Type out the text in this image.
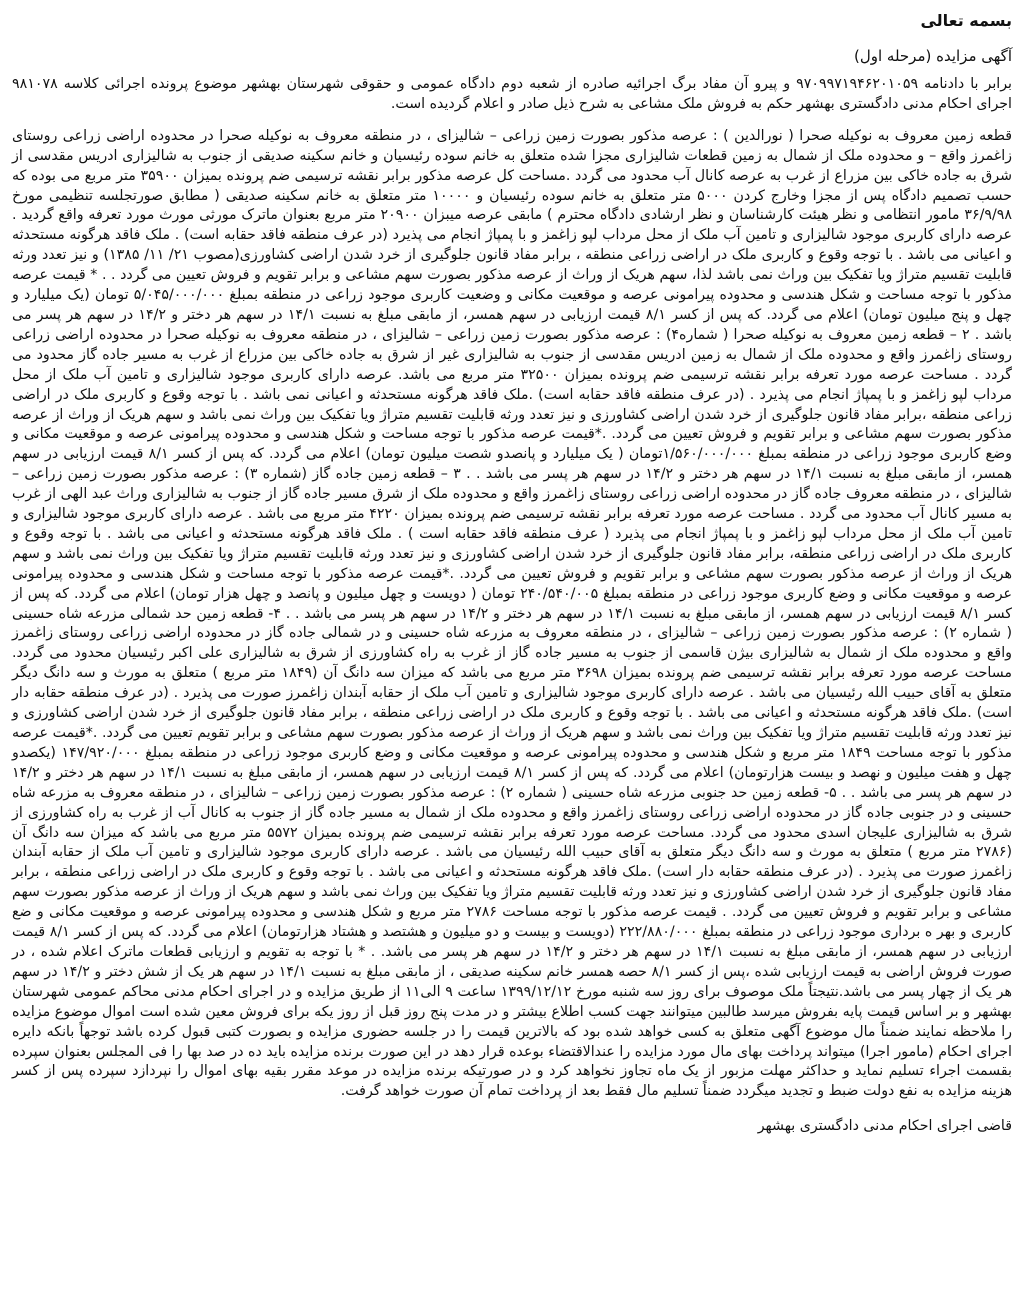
بسمه تعالی

آگهی مزایده (مرحله اول)

برابر با دادنامه ۹۷۰۹۹۷۱۹۴۶۲۰۱۰۵۹ و پیرو آن مفاد برگ اجرائیه صادره از شعبه دوم دادگاه عمومی و حقوقی شهرستان بهشهر موضوع پرونده اجرائی کلاسه ۹۸۱۰۷۸ اجرای احکام مدنی دادگستری بهشهر حکم به فروش ملک مشاعی به شرح ذیل صادر و اعلام گردیده است.

قطعه زمین معروف به نوکیله صحرا ( نورالدین ) : عرصه مذکور بصورت زمین زراعی – شالیزای ، در منطقه معروف به نوکیله صحرا در محدوده اراضی زراعی روستای زاغمرز واقع – و محدوده ملک از شمال به زمین قطعات شالیزاری مجزا شده متعلق به خانم سوده رئیسیان و خانم سکینه صدیقی از جنوب به شالیزاری ادریس مقدسی از شرق به جاده خاکی بین مزراع از غرب به عرصه کانال آب محدود می گردد .مساحت کل عرصه مذکور برابر نقشه ترسیمی ضم پرونده بمیزان ۳۵۹۰۰ متر مربع می بوده که حسب تصمیم دادگاه پس از مجزا وخارج کردن ۵۰۰۰ متر متعلق به خانم سوده رئیسیان و ۱۰۰۰۰ متر متعلق به خانم سکینه صدیقی ( مطابق صورتجلسه تنظیمی مورخ ۳۶/۹/۹۸ مامور انتظامی و نظر هیئت کارشناسان و نظر ارشادی دادگاه محترم ) مابقی عرصه میبزان ۲۰۹۰۰ متر مربع بعنوان ماترک مورثی مورث مورد تعرفه واقع گردید . عرصه دارای کاربری موجود شالیزاری و تامین آب ملک از محل مرداب لپو زاغمز و با پمپاژ انجام می پذیرد (در عرف منطقه فاقد حقابه است) . ملک فاقد هرگونه مستحدثه و اعیانی می باشد . با توجه وقوع و کاربری ملک در اراضی زراعی منطقه ، برابر مفاد قانون جلوگیری از خرد شدن اراضی کشاورزی(مصوب ۲۱/ ۱۱/ ۱۳۸۵) و نیز تعدد ورثه قابلیت تقسیم متراژ ویا تفکیک بین وراث نمی باشد لذا، سهم هریک از وراث از عرصه مذکور بصورت سهم مشاعی و برابر تقویم و فروش تعیین می گردد . . * قیمت عرصه مذکور با توجه مساحت و شکل هندسی و محدوده پیرامونی عرصه و موقعیت مکانی و وضعیت کاربری موجود زراعی در منطقه بمبلغ ۵/۰۴۵/۰۰۰/۰۰۰ تومان (یک میلیارد و چهل و پنج میلیون تومان) اعلام می گردد. که پس از کسر ۸/۱ قیمت ارزیابی در سهم همسر، از مابقی مبلغ به نسبت ۱۴/۱ در سهم هر دختر و ۱۴/۲ در سهم هر پسر می باشد . ۲ – قطعه زمین معروف به نوکیله صحرا ( شماره۴) : عرصه مذکور بصورت زمین زراعی – شالیزای ، در منطقه معروف به نوکیله صحرا در محدوده اراضی زراعی روستای زاغمرز واقع و محدوده ملک از شمال به زمین ادریس مقدسی از جنوب به شالیزاری غیر از شرق به جاده خاکی بین مزراع از غرب به مسیر جاده گاز محدود می گردد . مساحت عرصه مورد تعرفه برابر نقشه ترسیمی ضم پرونده بمیزان ۳۲۵۰۰ متر مربع می باشد. عرصه دارای کاربری موجود شالیزاری و تامین آب ملک از محل مرداب لپو زاغمز و با پمپاژ انجام می پذیرد . (در عرف منطقه فاقد حقابه است) .ملک فاقد هرگونه مستحدثه و اعیانی نمی باشد . با توجه وقوع و کاربری ملک در اراضی زراعی منطقه ،برابر مفاد قانون جلوگیری از خرد شدن اراضی کشاورزی و نیز تعدد ورثه قابلیت تقسیم متراژ ویا تفکیک بین وراث نمی باشد و سهم هریک از وراث از عرصه مذکور بصورت سهم مشاعی و برابر تقویم و فروش تعیین می گردد. .*قیمت عرصه مذکور با توجه مساحت و شکل هندسی و محدوده پیرامونی عرصه و موقعیت مکانی و وضع کاربری موجود زراعی در منطقه بمبلغ ۱/۵۶۰/۰۰۰/۰۰۰تومان ( یک میلیارد و پانصدو شصت میلیون تومان) اعلام می گردد. که پس از کسر ۸/۱ قیمت ارزیابی در سهم همسر، از مابقی مبلغ به نسبت ۱۴/۱ در سهم هر دختر و ۱۴/۲ در سهم هر پسر می باشد . . ۳ – قطعه زمین جاده گاز (شماره ۳) : عرصه مذکور بصورت زمین زراعی – شالیزای ، در منطقه معروف جاده گاز در محدوده اراضی زراعی روستای زاغمرز واقع و محدوده ملک از شرق مسیر جاده گاز از جنوب به شالیزاری وراث عبد الهی از غرب به مسیر کانال آب محدود می گردد . مساحت عرصه مورد تعرفه برابر نقشه ترسیمی ضم پرونده بمیزان ۴۲۲۰ متر مربع می باشد . عرصه دارای کاربری موجود شالیزاری و تامین آب ملک از محل مرداب لپو زاغمز و با پمپاژ انجام می پذیرد ( عرف منطقه فاقد حقابه است ) . ملک فاقد هرگونه مستحدثه و اعیانی می باشد . با توجه وقوع و کاربری ملک در اراضی زراعی منطقه، برابر مفاد قانون جلوگیری از خرد شدن اراضی کشاورزی و نیز تعدد ورثه قابلیت تقسیم متراژ ویا تفکیک بین وراث نمی باشد و سهم هریک از وراث از عرصه مذکور بصورت سهم مشاعی و برابر تقویم و فروش تعیین می گردد. .*قیمت عرصه مذکور با توجه مساحت و شکل هندسی و محدوده پیرامونی عرصه و موقعیت مکانی و وضع کاربری موجود زراعی در منطقه بمبلغ ۲۴۰/۵۴۰/۰۰۵ تومان ( دویست و چهل میلیون و پانصد و چهل هزار تومان) اعلام می گردد. که پس از کسر ۸/۱ قیمت ارزیابی در سهم همسر، از مابقی مبلغ به نسبت ۱۴/۱ در سهم هر دختر و ۱۴/۲ در سهم هر پسر می باشد . . ۴- قطعه زمین حد شمالی مزرعه شاه حسینی ( شماره ۲) : عرصه مذکور بصورت زمین زراعی – شالیزای ، در منطقه معروف به مزرعه شاه حسینی و در شمالی جاده گاز در محدوده اراضی زراعی روستای زاغمرز واقع و محدوده ملک از شمال به شالیزاری بیژن قاسمی از جنوب به مسیر جاده گاز از غرب به راه کشاورزی از شرق به شالیزاری علی اکبر رئیسیان محدود می گردد. مساحت عرصه مورد تعرفه برابر نقشه ترسیمی ضم پرونده بمیزان ۳۶۹۸ متر مربع می باشد که میزان سه دانگ آن (۱۸۴۹ متر مربع ) متعلق به مورث و سه دانگ دیگر متعلق به آقای حبیب الله رئیسیان می باشد . عرصه دارای کاربری موجود شالیزاری و تامین آب ملک از حقابه آبندان زاغمرز صورت می پذیرد . (در عرف منطقه حقابه دار است) .ملک فاقد هرگونه مستحدثه و اعیانی می باشد . با توجه وقوع و کاربری ملک در اراضی زراعی منطقه ، برابر مفاد قانون جلوگیری از خرد شدن اراضی کشاورزی و نیز تعدد ورثه قابلیت تقسیم متراژ ویا تفکیک بین وراث نمی باشد و سهم هریک از وراث از عرصه مذکور بصورت سهم مشاعی و برابر تقویم تعیین می گردد. .*قیمت عرصه مذکور با توجه مساحت ۱۸۴۹ متر مربع و شکل هندسی و محدوده پیرامونی عرصه و موقعیت مکانی و وضع کاربری موجود زراعی در منطقه بمبلغ ۱۴۷/۹۲۰/۰۰۰ (یکصدو چهل و هفت میلیون و نهصد و بیست هزارتومان) اعلام می گردد. که پس از کسر ۸/۱ قیمت ارزیابی در سهم همسر، از مابقی مبلغ به نسبت ۱۴/۱ در سهم هر دختر و ۱۴/۲ در سهم هر پسر می باشد . . ۵- قطعه زمین حد جنوبی مزرعه شاه حسینی ( شماره ۲) : عرصه مذکور بصورت زمین زراعی – شالیزای ، در منطقه معروف به مزرعه شاه حسینی و در جنوبی جاده گاز در محدوده اراضی زراعی روستای زاغمرز واقع و محدوده ملک از شمال به مسیر جاده گاز از جنوب به کانال آب از غرب به راه کشاورزی از شرق به شالیزاری علیجان اسدی محدود می گردد. مساحت عرصه مورد تعرفه برابر نقشه ترسیمی ضم پرونده بمیزان ۵۵۷۲ متر مربع می باشد که میزان سه دانگ آن (۲۷۸۶ متر مربع ) متعلق به مورث و سه دانگ دیگر متعلق به آقای حبیب الله رئیسیان می باشد . عرصه دارای کاربری موجود شالیزاری و تامین آب ملک از حقابه آبندان زاغمرز صورت می پذیرد . (در عرف منطقه حقابه دار است) .ملک فاقد هرگونه مستحدثه و اعیانی می باشد . با توجه وقوع و کاربری ملک در اراضی زراعی منطقه ، برابر مفاد قانون جلوگیری از خرد شدن اراضی کشاورزی و نیز تعدد ورثه قابلیت تقسیم متراژ ویا تفکیک بین وراث نمی باشد و سهم هریک از وراث از عرصه مذکور بصورت سهم مشاعی و برابر تقویم و فروش تعیین می گردد. . قیمت عرصه مذکور با توجه مساحت ۲۷۸۶ متر مربع و شکل هندسی و محدوده پیرامونی عرصه و موقعیت مکانی و ضع کاربری و بهر ه برداری موجود زراعی در منطقه بمبلغ ۲۲۲/۸۸۰/۰۰۰ (دویست و بیست و دو میلیون و هشتصد و هشتاد هزارتومان) اعلام می گردد. که پس از کسر ۸/۱ قیمت ارزیابی در سهم همسر، از مابقی مبلغ به نسبت ۱۴/۱ در سهم هر دختر و ۱۴/۲ در سهم هر پسر می باشد. . * با توجه به تقویم و ارزیابی قطعات ماترک اعلام شده ، در صورت فروش اراضی به قیمت ارزیابی شده ،پس از کسر ۸/۱ حصه همسر خانم سکینه صدیقی ، از مابقی مبلغ به نسبت ۱۴/۱ در سهم هر یک از شش دختر و ۱۴/۲ در سهم هر یک از چهار پسر می باشد.نتیجتاً ملک موصوف برای روز سه شنبه مورخ ۱۳۹۹/۱۲/۱۲ ساعت ۹ الی۱۱ از طریق مزایده و در اجرای احکام مدنی محاکم عمومی شهرستان بهشهر و بر اساس قیمت پایه بفروش میرسد طالبین میتوانند جهت کسب اطلاع بیشتر و در مدت پنج روز قبل از روز یکه برای فروش معین شده است اموال موضوع مزایده را ملاحظه نمایند ضمناً مال موضوع آگهی متعلق به کسی خواهد شده بود که بالاترین قیمت را در جلسه حضوری مزایده و بصورت کتبی قبول کرده باشد توجهاً بانکه دایره اجرای احکام (مامور اجرا) میتواند پرداخت بهای مال مورد مزایده را عندالاقتضاء بوعده قرار دهد در این صورت برنده مزایده باید ده در صد بها را فی المجلس بعنوان سپرده بقسمت اجراء تسلیم نماید و حداکثر مهلت مزبور از یک ماه تجاوز نخواهد کرد و در صورتیکه برنده مزایده در موعد مقرر بقیه بهای اموال را نپردازد سپرده پس از کسر هزینه مزایده به نفع دولت ضبط و تجدید میگردد ضمناً تسلیم مال فقط بعد از پرداخت تمام آن صورت خواهد گرفت.

قاضی اجرای احکام مدنی دادگستری بهشهر
